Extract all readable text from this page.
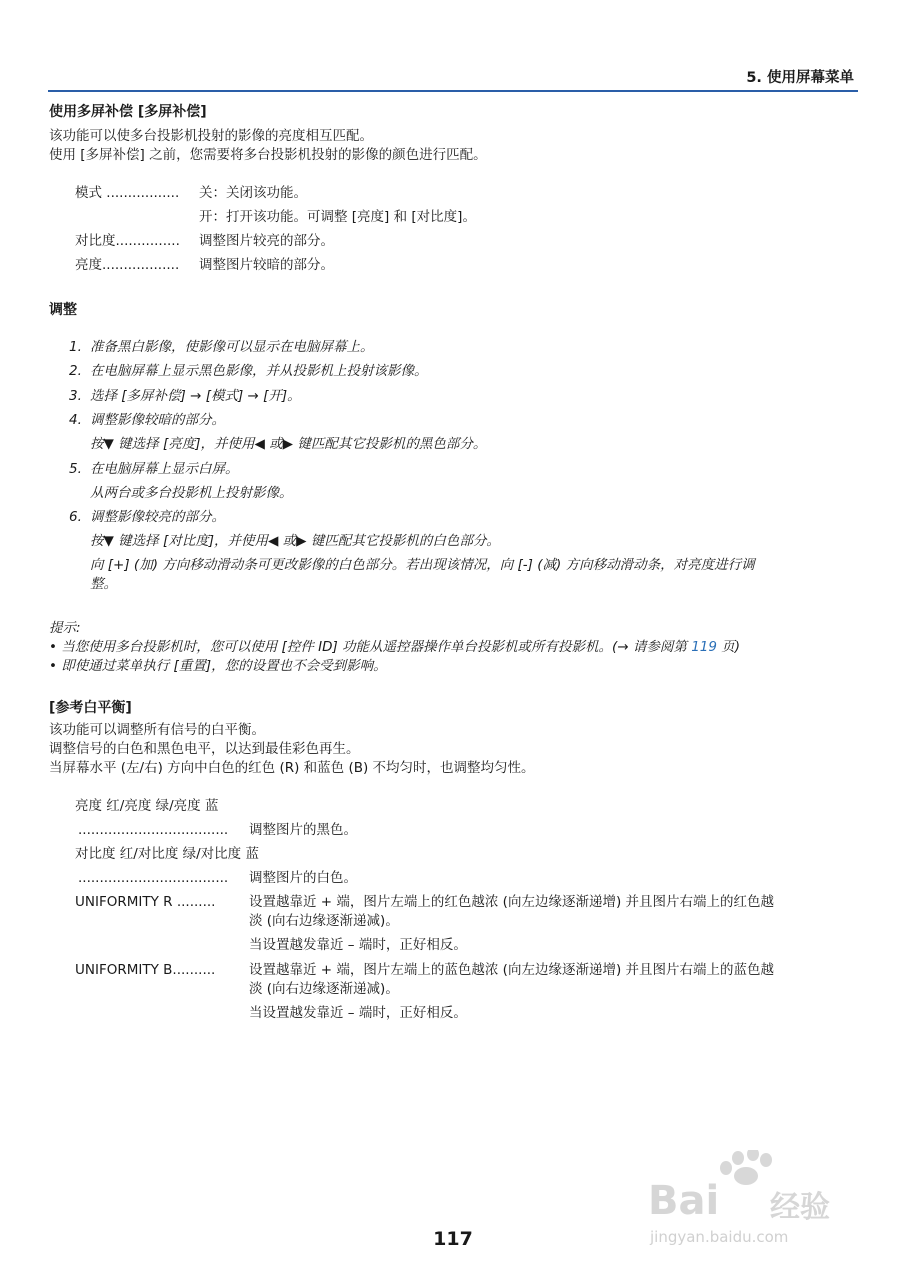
5. 使用屏幕菜单
使用多屏补偿 [多屏补偿]
该功能可以使多台投影机投射的影像的亮度相互匹配。
使用 [多屏补偿] 之前，您需要将多台投影机投射的影像的颜色进行匹配。
模式 ................. 关：关闭该功能。
开：打开该功能。可调整 [亮度] 和 [对比度]。
对比度............... 调整图片较亮的部分。
亮度.................. 调整图片较暗的部分。
调整
1. 准备黑白影像，使影像可以显示在电脑屏幕上。
2. 在电脑屏幕上显示黑色影像，并从投影机上投射该影像。
3. 选择 [多屏补偿] → [模式] → [开]。
4. 调整影像较暗的部分。
按▼ 键选择 [亮度]，并使用◀ 或▶ 键匹配其它投影机的黑色部分。
5. 在电脑屏幕上显示白屏。
从两台或多台投影机上投射影像。
6. 调整影像较亮的部分。
按▼ 键选择 [对比度]，并使用◀ 或▶ 键匹配其它投影机的白色部分。
向 [+] (加) 方向移动滑动条可更改影像的白色部分。若出现该情况，向 [-] (减) 方向移动滑动条，对亮度进行调
整。
提示:
• 当您使用多台投影机时，您可以使用 [控件 ID] 功能从遥控器操作单台投影机或所有投影机。(→ 请参阅第 119 页)
• 即使通过菜单执行 [重置]，您的设置也不会受到影响。
[参考白平衡]
该功能可以调整所有信号的白平衡。
调整信号的白色和黑色电平，以达到最佳彩色再生。
当屏幕水平 (左/右) 方向中白色的红色 (R) 和蓝色 (B) 不均匀时，也调整均匀性。
亮度 红/亮度 绿/亮度 蓝
................................... 调整图片的黑色。
对比度 红/对比度 绿/对比度 蓝
................................... 调整图片的白色。
UNIFORMITY R ......... 设置越靠近 + 端，图片左端上的红色越浓 (向左边缘逐渐递增) 并且图片右端上的红色越
淡 (向右边缘逐渐递减)。
当设置越发靠近 – 端时，正好相反。
UNIFORMITY B.......... 设置越靠近 + 端，图片左端上的蓝色越浓 (向左边缘逐渐递增) 并且图片右端上的蓝色越
淡 (向右边缘逐渐递减)。
当设置越发靠近 – 端时，正好相反。
Bai 经验
jingyan.baidu.com
117
